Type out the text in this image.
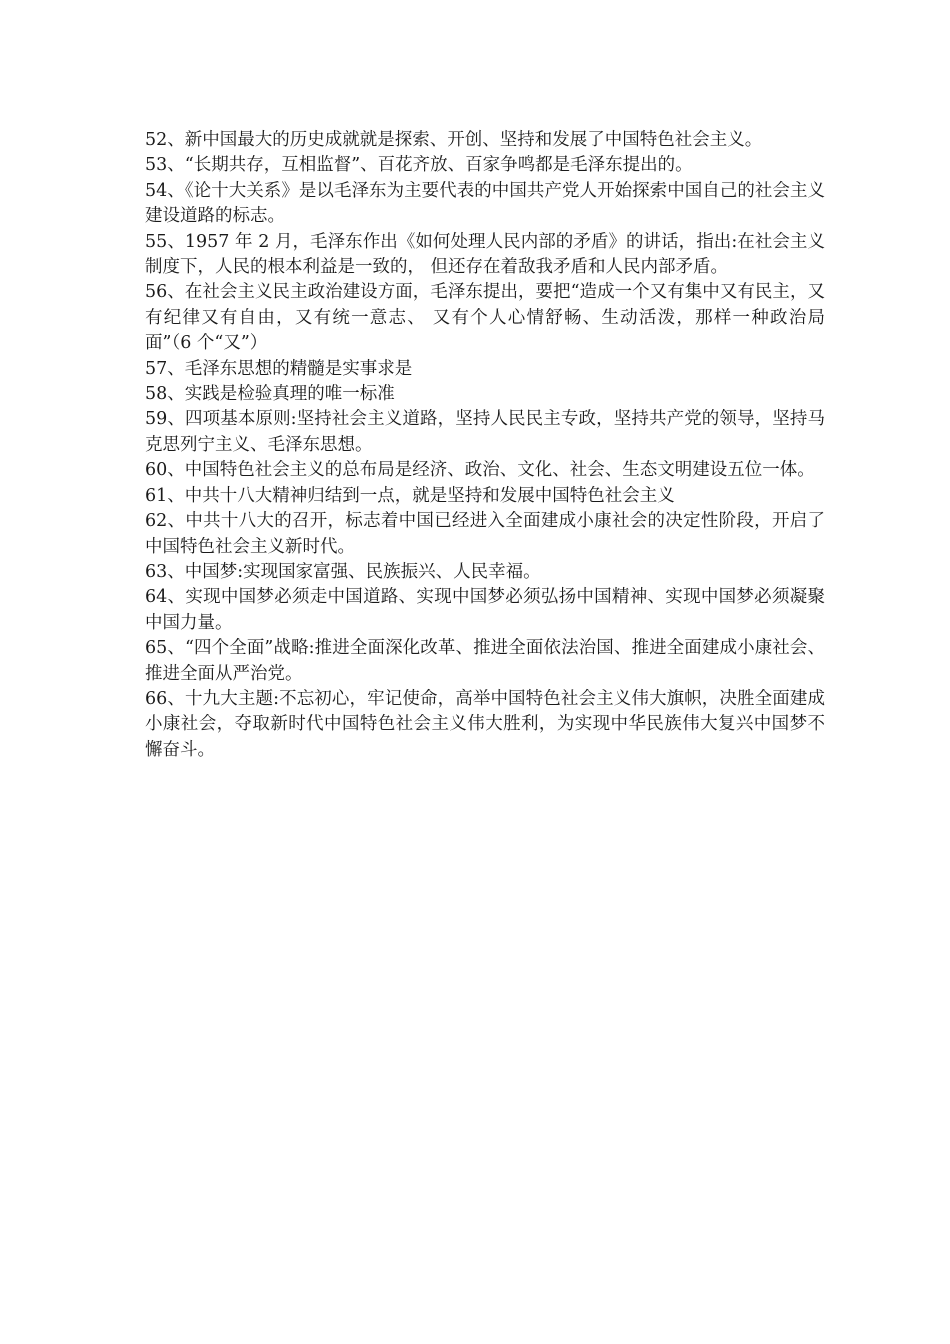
52、新中国最大的历史成就就是探索、开创、坚持和发展了中国特色社会主义。

53、“长期共存，互相监督”、百花齐放、百家争鸣都是毛泽东提出的。

54、《论十大关系》是以毛泽东为主要代表的中国共产党人开始探索中国自己的社会主义建设道路的标志。

55、1957 年 2 月，毛泽东作出《如何处理人民内部的矛盾》的讲话，指出:在社会主义制度下，人民的根本利益是一致的， 但还存在着敌我矛盾和人民内部矛盾。

56、在社会主义民主政治建设方面，毛泽东提出，要把“造成一个又有集中又有民主，又有纪律又有自由，又有统一意志、 又有个人心情舒畅、生动活泼，那样一种政治局面”（6 个“又”）

57、毛泽东思想的精髓是实事求是

58、实践是检验真理的唯一标准

59、四项基本原则:坚持社会主义道路，坚持人民民主专政，坚持共产党的领导，坚持马克思列宁主义、毛泽东思想。

60、中国特色社会主义的总布局是经济、政治、文化、社会、生态文明建设五位一体。

61、中共十八大精神归结到一点，就是坚持和发展中国特色社会主义

62、中共十八大的召开，标志着中国已经进入全面建成小康社会的决定性阶段，开启了中国特色社会主义新时代。

63、中国梦:实现国家富强、民族振兴、人民幸福。

64、实现中国梦必须走中国道路、实现中国梦必须弘扬中国精神、实现中国梦必须凝聚中国力量。

65、“四个全面”战略:推进全面深化改革、推进全面依法治国、推进全面建成小康社会、推进全面从严治党。

66、十九大主题:不忘初心，牢记使命，高举中国特色社会主义伟大旗帜，决胜全面建成小康社会，夺取新时代中国特色社会主义伟大胜利，为实现中华民族伟大复兴中国梦不懈奋斗。
